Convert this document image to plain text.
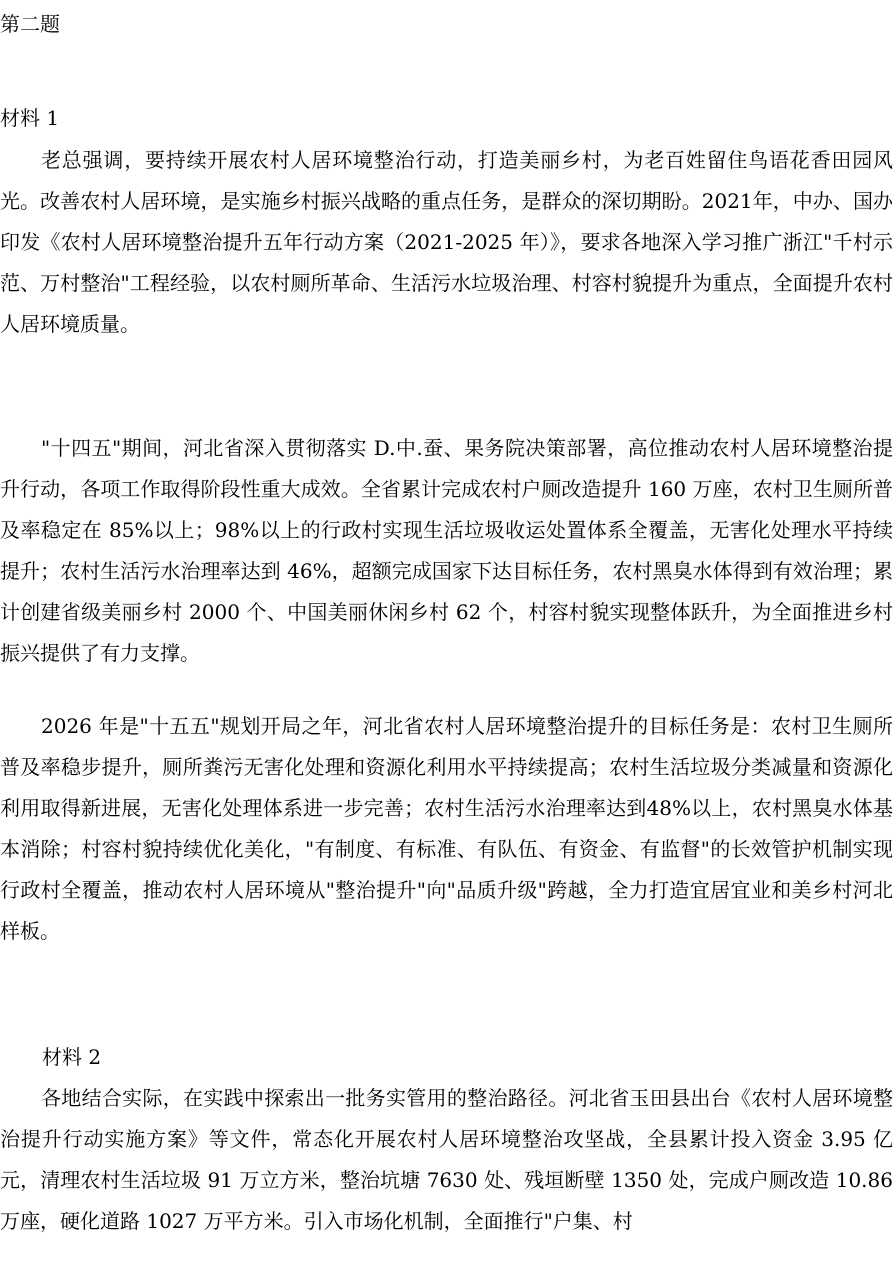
第二题
材料 1

老总强调，要持续开展农村人居环境整治行动，打造美丽乡村，为老百姓留住鸟语花香田园风光。改善农村人居环境，是实施乡村振兴战略的重点任务，是群众的深切期盼。2021年，中办、国办印发《农村人居环境整治提升五年行动方案（2021-2025 年）》，要求各地深入学习推广浙江"千村示范、万村整治"工程经验，以农村厕所革命、生活污水垃圾治理、村容村貌提升为重点，全面提升农村人居环境质量。

"十四五"期间，河北省深入贯彻落实 D.中.蚕、果务院决策部署，高位推动农村人居环境整治提升行动，各项工作取得阶段性重大成效。全省累计完成农村户厕改造提升 160 万座，农村卫生厕所普及率稳定在 85%以上；98%以上的行政村实现生活垃圾收运处置体系全覆盖，无害化处理水平持续提升；农村生活污水治理率达到 46%，超额完成国家下达目标任务，农村黑臭水体得到有效治理；累计创建省级美丽乡村 2000 个、中国美丽休闲乡村 62 个，村容村貌实现整体跃升，为全面推进乡村振兴提供了有力支撑。

2026 年是"十五五"规划开局之年，河北省农村人居环境整治提升的目标任务是：农村卫生厕所普及率稳步提升，厕所粪污无害化处理和资源化利用水平持续提高；农村生活垃圾分类减量和资源化利用取得新进展，无害化处理体系进一步完善；农村生活污水治理率达到48%以上，农村黑臭水体基本消除；村容村貌持续优化美化，"有制度、有标准、有队伍、有资金、有监督"的长效管护机制实现行政村全覆盖，推动农村人居环境从"整治提升"向"品质升级"跨越，全力打造宜居宜业和美乡村河北样板。

材料 2

各地结合实际，在实践中探索出一批务实管用的整治路径。河北省玉田县出台《农村人居环境整治提升行动实施方案》等文件，常态化开展农村人居环境整治攻坚战，全县累计投入资金 3.95 亿元，清理农村生活垃圾 91 万立方米，整治坑塘 7630 处、残垣断壁 1350 处，完成户厕改造 10.86 万座，硬化道路 1027 万平方米。引入市场化机制，全面推行"户集、村
